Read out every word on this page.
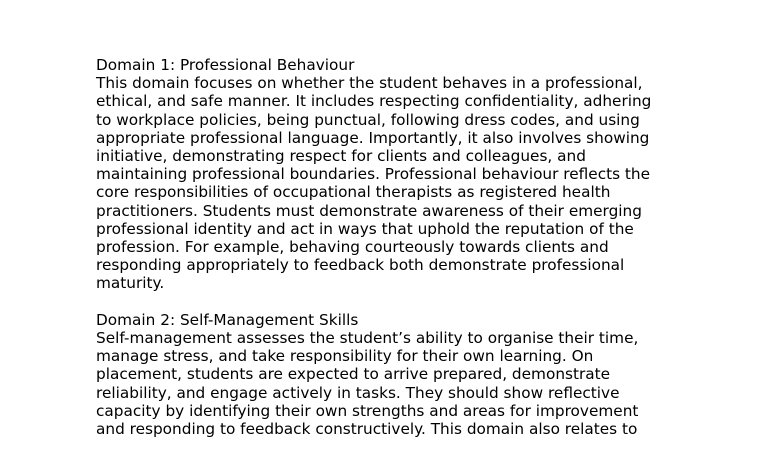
Domain 1: Professional Behaviour
This domain focuses on whether the student behaves in a professional,
ethical, and safe manner. It includes respecting confidentiality, adhering
to workplace policies, being punctual, following dress codes, and using
appropriate professional language. Importantly, it also involves showing
initiative, demonstrating respect for clients and colleagues, and
maintaining professional boundaries. Professional behaviour reflects the
core responsibilities of occupational therapists as registered health
practitioners. Students must demonstrate awareness of their emerging
professional identity and act in ways that uphold the reputation of the
profession. For example, behaving courteously towards clients and
responding appropriately to feedback both demonstrate professional
maturity.
Domain 2: Self-Management Skills
Self-management assesses the student’s ability to organise their time,
manage stress, and take responsibility for their own learning. On
placement, students are expected to arrive prepared, demonstrate
reliability, and engage actively in tasks. They should show reflective
capacity by identifying their own strengths and areas for improvement
and responding to feedback constructively. This domain also relates to
